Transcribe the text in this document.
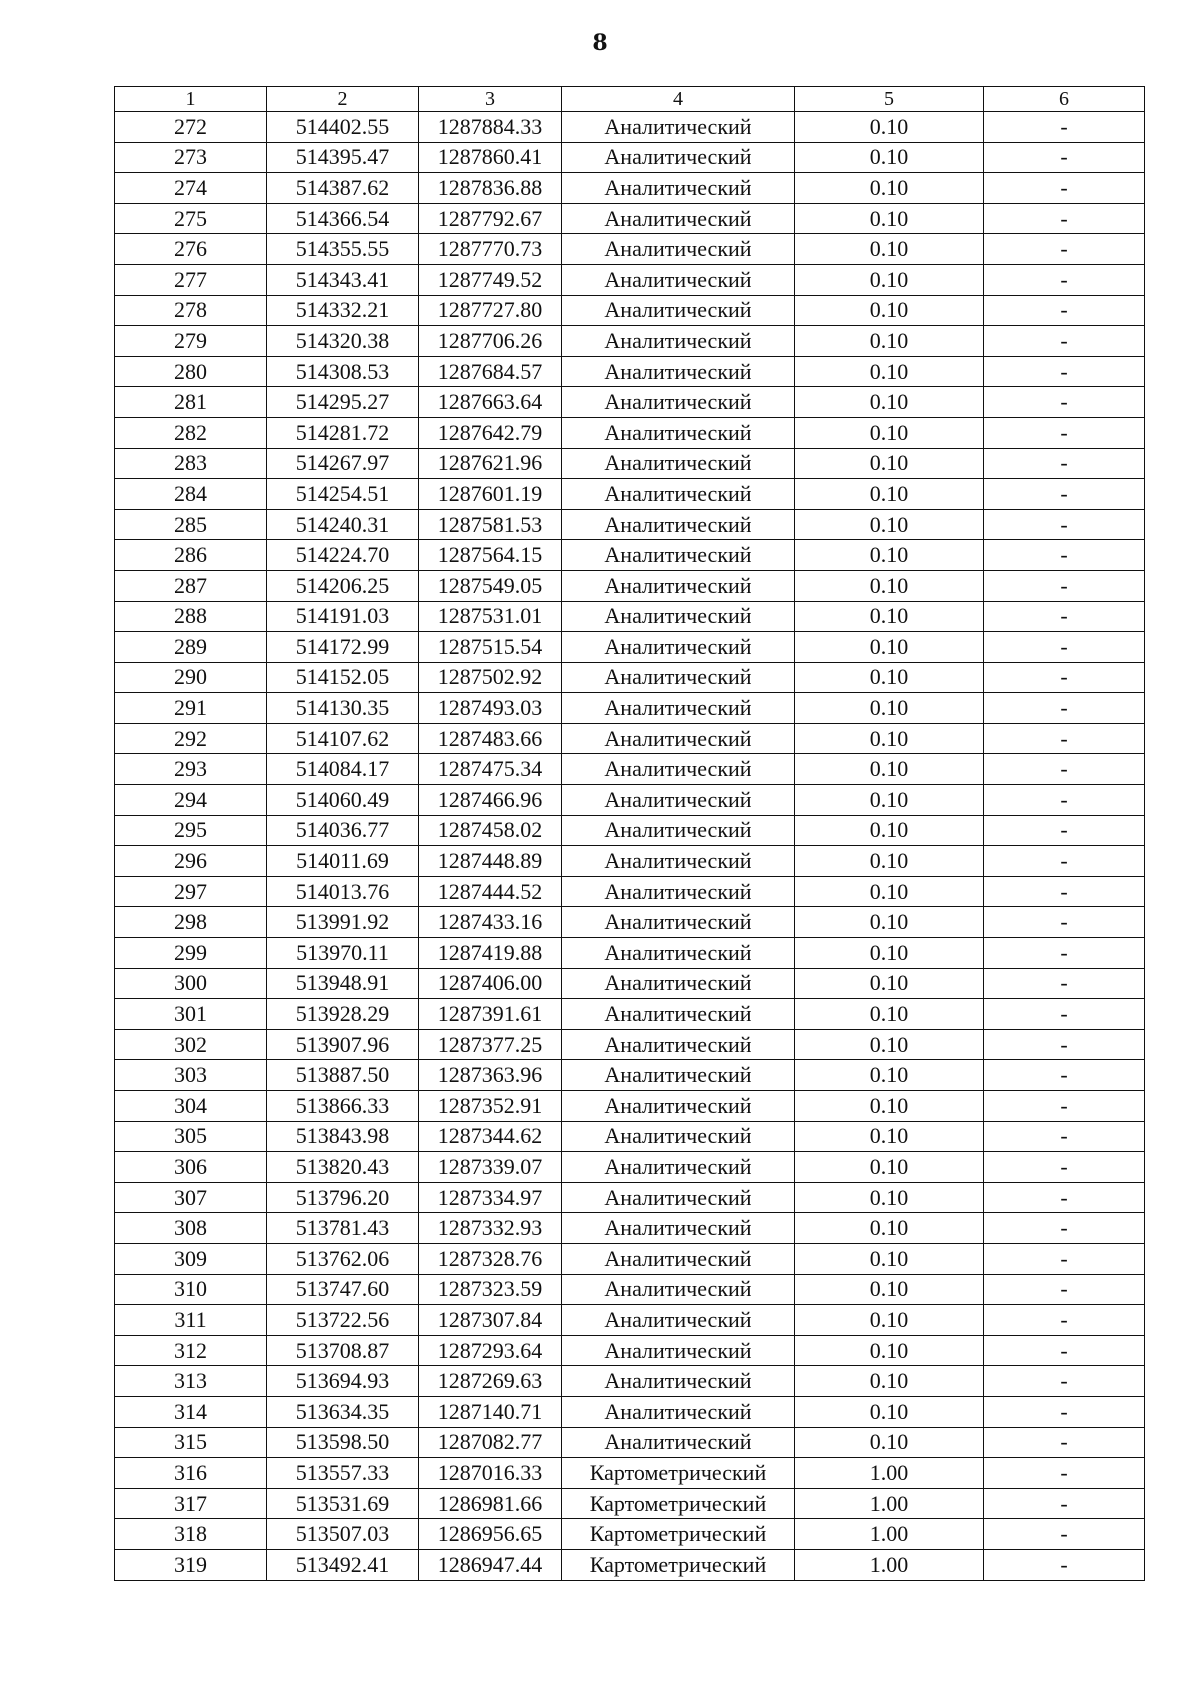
8
1	2	3	4	5	6
272	514402.55	1287884.33	Аналитический	0.10	-
273	514395.47	1287860.41	Аналитический	0.10	-
274	514387.62	1287836.88	Аналитический	0.10	-
275	514366.54	1287792.67	Аналитический	0.10	-
276	514355.55	1287770.73	Аналитический	0.10	-
277	514343.41	1287749.52	Аналитический	0.10	-
278	514332.21	1287727.80	Аналитический	0.10	-
279	514320.38	1287706.26	Аналитический	0.10	-
280	514308.53	1287684.57	Аналитический	0.10	-
281	514295.27	1287663.64	Аналитический	0.10	-
282	514281.72	1287642.79	Аналитический	0.10	-
283	514267.97	1287621.96	Аналитический	0.10	-
284	514254.51	1287601.19	Аналитический	0.10	-
285	514240.31	1287581.53	Аналитический	0.10	-
286	514224.70	1287564.15	Аналитический	0.10	-
287	514206.25	1287549.05	Аналитический	0.10	-
288	514191.03	1287531.01	Аналитический	0.10	-
289	514172.99	1287515.54	Аналитический	0.10	-
290	514152.05	1287502.92	Аналитический	0.10	-
291	514130.35	1287493.03	Аналитический	0.10	-
292	514107.62	1287483.66	Аналитический	0.10	-
293	514084.17	1287475.34	Аналитический	0.10	-
294	514060.49	1287466.96	Аналитический	0.10	-
295	514036.77	1287458.02	Аналитический	0.10	-
296	514011.69	1287448.89	Аналитический	0.10	-
297	514013.76	1287444.52	Аналитический	0.10	-
298	513991.92	1287433.16	Аналитический	0.10	-
299	513970.11	1287419.88	Аналитический	0.10	-
300	513948.91	1287406.00	Аналитический	0.10	-
301	513928.29	1287391.61	Аналитический	0.10	-
302	513907.96	1287377.25	Аналитический	0.10	-
303	513887.50	1287363.96	Аналитический	0.10	-
304	513866.33	1287352.91	Аналитический	0.10	-
305	513843.98	1287344.62	Аналитический	0.10	-
306	513820.43	1287339.07	Аналитический	0.10	-
307	513796.20	1287334.97	Аналитический	0.10	-
308	513781.43	1287332.93	Аналитический	0.10	-
309	513762.06	1287328.76	Аналитический	0.10	-
310	513747.60	1287323.59	Аналитический	0.10	-
311	513722.56	1287307.84	Аналитический	0.10	-
312	513708.87	1287293.64	Аналитический	0.10	-
313	513694.93	1287269.63	Аналитический	0.10	-
314	513634.35	1287140.71	Аналитический	0.10	-
315	513598.50	1287082.77	Аналитический	0.10	-
316	513557.33	1287016.33	Картометрический	1.00	-
317	513531.69	1286981.66	Картометрический	1.00	-
318	513507.03	1286956.65	Картометрический	1.00	-
319	513492.41	1286947.44	Картометрический	1.00	-
